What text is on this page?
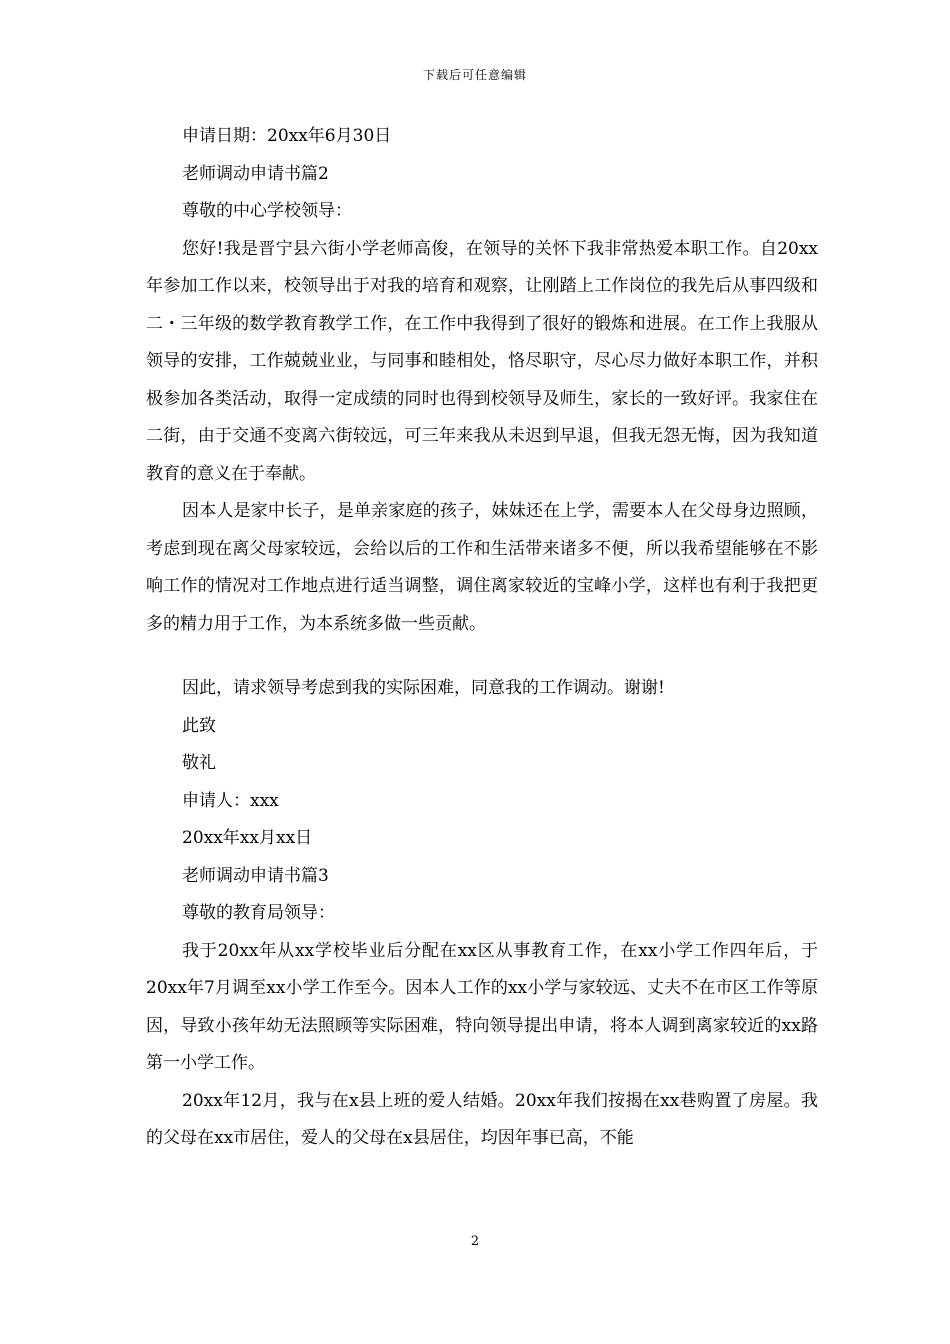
下载后可任意编辑

申请日期：20xx年6月30日

老师调动申请书篇2

尊敬的中心学校领导：

您好!我是晋宁县六街小学老师高俊，在领导的关怀下我非常热爱本职工作。自20xx年参加工作以来，校领导出于对我的培育和观察，让刚踏上工作岗位的我先后从事四级和二・三年级的数学教育教学工作，在工作中我得到了很好的锻炼和进展。在工作上我服从领导的安排，工作兢兢业业，与同事和睦相处，恪尽职守，尽心尽力做好本职工作，并积极参加各类活动，取得一定成绩的同时也得到校领导及师生，家长的一致好评。我家住在二街，由于交通不变离六街较远，可三年来我从未迟到早退，但我无怨无悔，因为我知道教育的意义在于奉献。

因本人是家中长子，是单亲家庭的孩子，妹妹还在上学，需要本人在父母身边照顾，考虑到现在离父母家较远，会给以后的工作和生活带来诸多不便，所以我希望能够在不影响工作的情况对工作地点进行适当调整，调住离家较近的宝峰小学，这样也有利于我把更多的精力用于工作，为本系统多做一些贡献。

因此，请求领导考虑到我的实际困难，同意我的工作调动。谢谢!

此致

敬礼

申请人：xxx

20xx年xx月xx日

老师调动申请书篇3

尊敬的教育局领导：

我于20xx年从xx学校毕业后分配在xx区从事教育工作，在xx小学工作四年后，于20xx年7月调至xx小学工作至今。因本人工作的xx小学与家较远、丈夫不在市区工作等原因，导致小孩年幼无法照顾等实际困难，特向领导提出申请，将本人调到离家较近的xx路第一小学工作。

20xx年12月，我与在x县上班的爱人结婚。20xx年我们按揭在xx巷购置了房屋。我的父母在xx市居住，爱人的父母在x县居住，均因年事已高，不能

2
